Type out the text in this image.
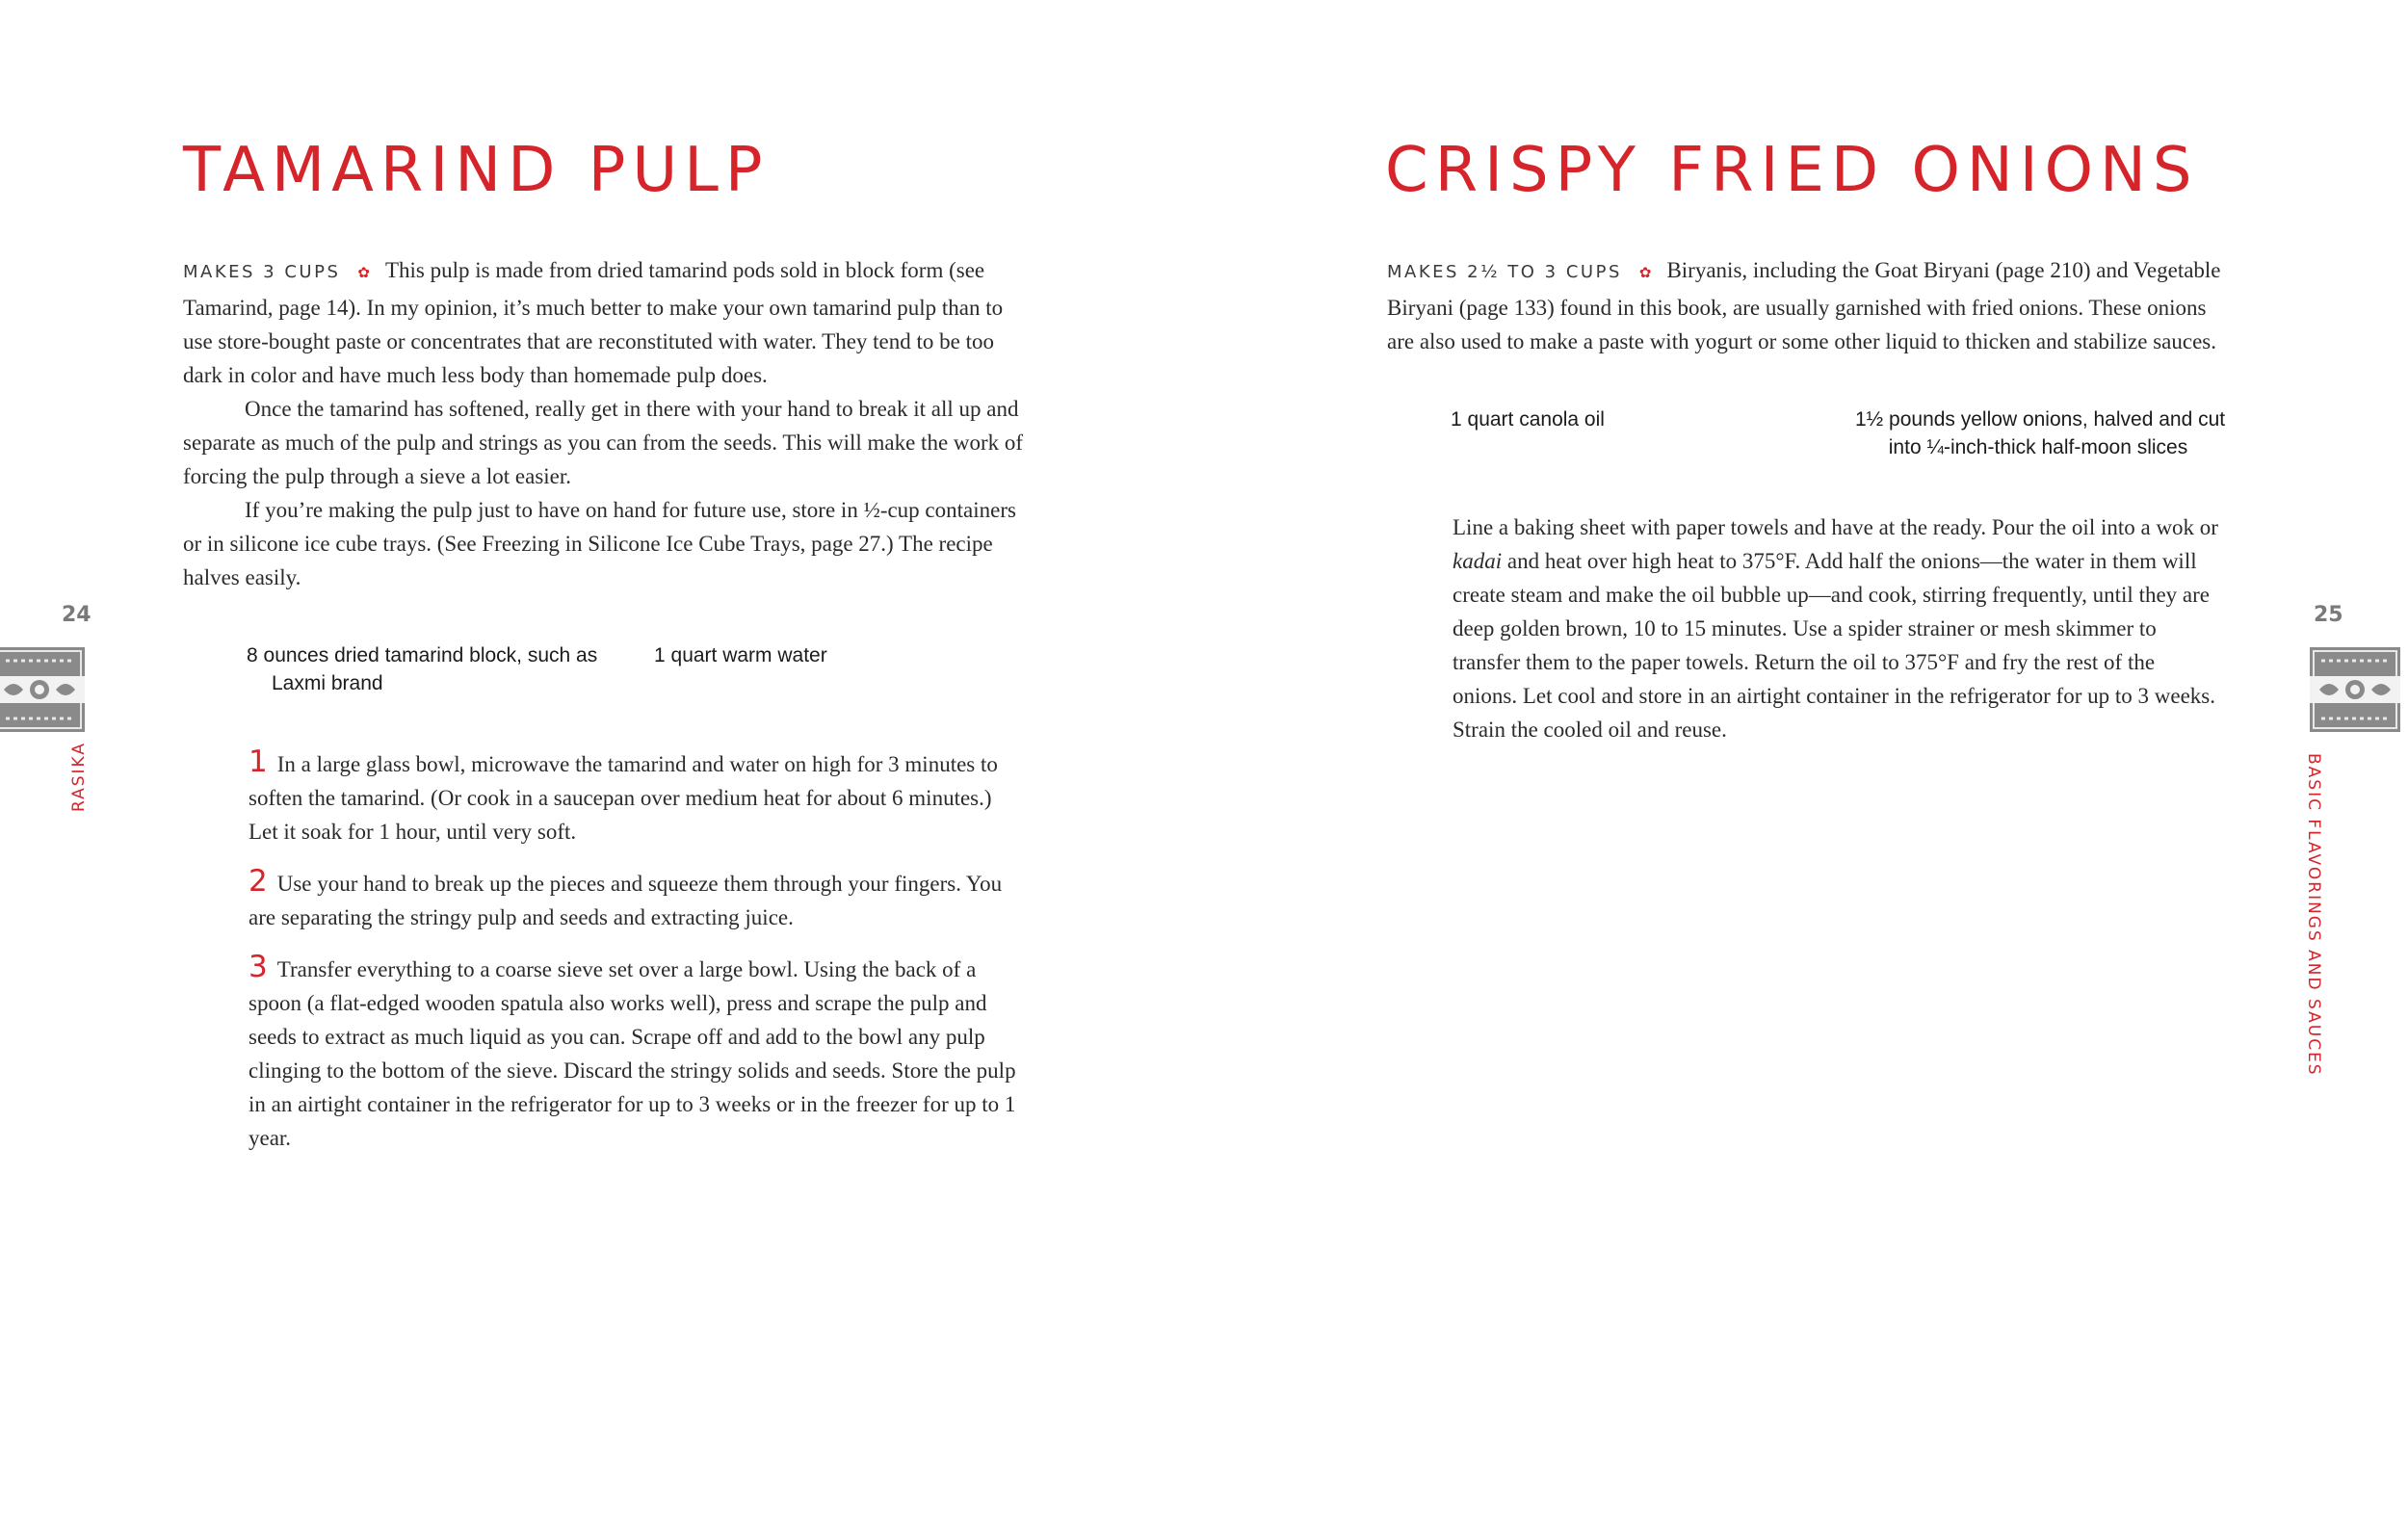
TAMARIND PULP

MAKES 3 CUPS ✿ This pulp is made from dried tamarind pods sold in block form (see Tamarind, page 14). In my opinion, it’s much better to make your own tamarind pulp than to use store-bought paste or concentrates that are reconstituted with water. They tend to be too dark in color and have much less body than homemade pulp does.

Once the tamarind has softened, really get in there with your hand to break it all up and separate as much of the pulp and strings as you can from the seeds. This will make the work of forcing the pulp through a sieve a lot easier.

If you’re making the pulp just to have on hand for future use, store in ½-cup containers or in silicone ice cube trays. (See Freezing in Silicone Ice Cube Trays, page 27.) The recipe halves easily.

8 ounces dried tamarind block, such as
Laxmi brand
1 quart warm water

1 In a large glass bowl, microwave the tamarind and water on high for 3 minutes to soften the tamarind. (Or cook in a saucepan over medium heat for about 6 minutes.) Let it soak for 1 hour, until very soft.

2 Use your hand to break up the pieces and squeeze them through your fingers. You are separating the stringy pulp and seeds and extracting juice.

3 Transfer everything to a coarse sieve set over a large bowl. Using the back of a spoon (a flat-edged wooden spatula also works well), press and scrape the pulp and seeds to extract as much liquid as you can. Scrape off and add to the bowl any pulp clinging to the bottom of the sieve. Discard the stringy solids and seeds. Store the pulp in an airtight container in the refrigerator for up to 3 weeks or in the freezer for up to 1 year.

24
RASIKA
CRISPY FRIED ONIONS

MAKES 2½ TO 3 CUPS ✿ Biryanis, including the Goat Biryani (page 210) and Vegetable Biryani (page 133) found in this book, are usually garnished with fried onions. These onions are also used to make a paste with yogurt or some other liquid to thicken and stabilize sauces.

1 quart canola oil	1½ pounds yellow onions, halved and cut
into ¼-inch-thick half-moon slices

Line a baking sheet with paper towels and have at the ready. Pour the oil into a wok or kadai and heat over high heat to 375°F. Add half the onions—the water in them will create steam and make the oil bubble up—and cook, stirring frequently, until they are deep golden brown, 10 to 15 minutes. Use a spider strainer or mesh skimmer to transfer them to the paper towels. Return the oil to 375°F and fry the rest of the onions. Let cool and store in an airtight container in the refrigerator for up to 3 weeks. Strain the cooled oil and reuse.

25
BASIC FLAVORINGS AND SAUCES
